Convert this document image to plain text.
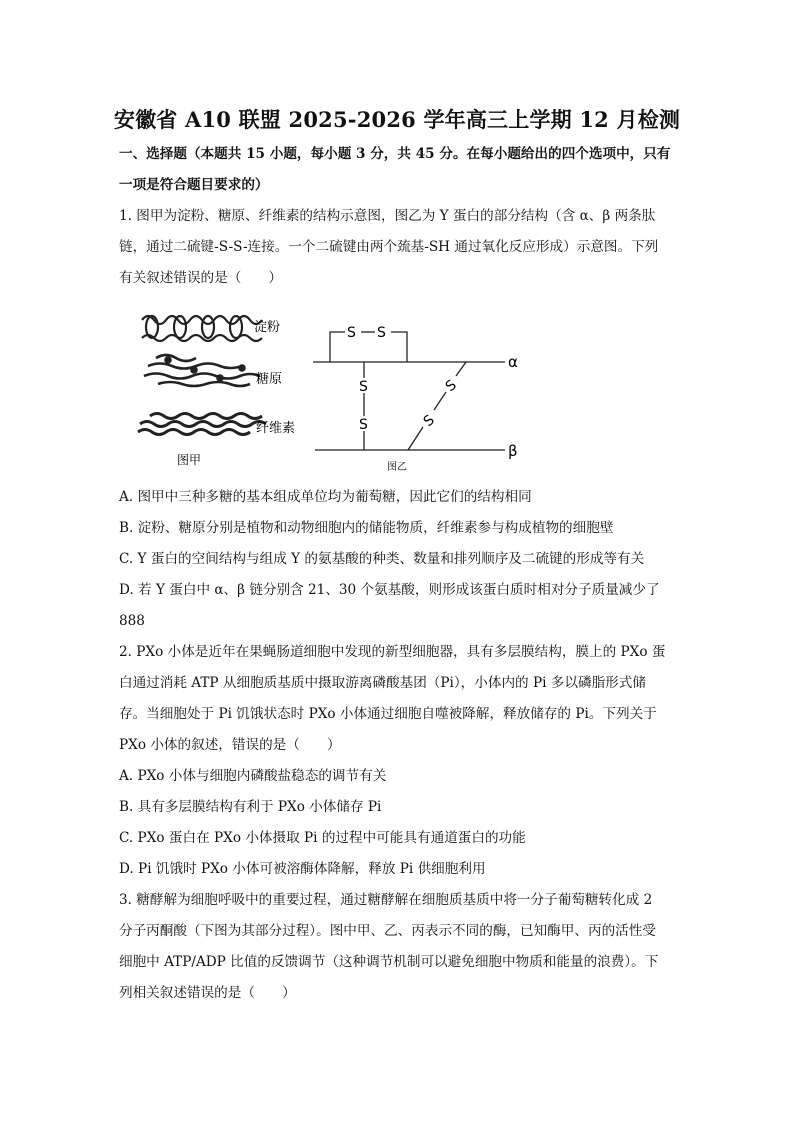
安徽省 A10 联盟 2025-2026 学年高三上学期 12 月检测
一、选择题（本题共 15 小题，每小题 3 分，共 45 分。在每小题给出的四个选项中，只有
一项是符合题目要求的）
1. 图甲为淀粉、糖原、纤维素的结构示意图，图乙为 Y 蛋白的部分结构（含 α、β 两条肽
链，通过二硫键-S-S-连接。一个二硫键由两个巯基-SH 通过氧化反应形成）示意图。下列
有关叙述错误的是（　　）
淀粉
糖原
纤维素
图甲
S S
S
S	S
S
α
β
图乙
A. 图甲中三种多糖的基本组成单位均为葡萄糖，因此它们的结构相同
B. 淀粉、糖原分别是植物和动物细胞内的储能物质，纤维素参与构成植物的细胞壁
C. Y 蛋白的空间结构与组成 Y 的氨基酸的种类、数量和排列顺序及二硫键的形成等有关
D. 若 Y 蛋白中 α、β 链分别含 21、30 个氨基酸，则形成该蛋白质时相对分子质量减少了
888
2. PXo 小体是近年在果蝇肠道细胞中发现的新型细胞器，具有多层膜结构，膜上的 PXo 蛋
白通过消耗 ATP 从细胞质基质中摄取游离磷酸基团（Pi），小体内的 Pi 多以磷脂形式储
存。当细胞处于 Pi 饥饿状态时 PXo 小体通过细胞自噬被降解，释放储存的 Pi。下列关于
PXo 小体的叙述，错误的是（　　）
A. PXo 小体与细胞内磷酸盐稳态的调节有关
B. 具有多层膜结构有利于 PXo 小体储存 Pi
C. PXo 蛋白在 PXo 小体摄取 Pi 的过程中可能具有通道蛋白的功能
D. Pi 饥饿时 PXo 小体可被溶酶体降解，释放 Pi 供细胞利用
3. 糖酵解为细胞呼吸中的重要过程，通过糖酵解在细胞质基质中将一分子葡萄糖转化成 2
分子丙酮酸（下图为其部分过程）。图中甲、乙、丙表示不同的酶，已知酶甲、丙的活性受
细胞中 ATP/ADP 比值的反馈调节（这种调节机制可以避免细胞中物质和能量的浪费）。下
列相关叙述错误的是（　　）
